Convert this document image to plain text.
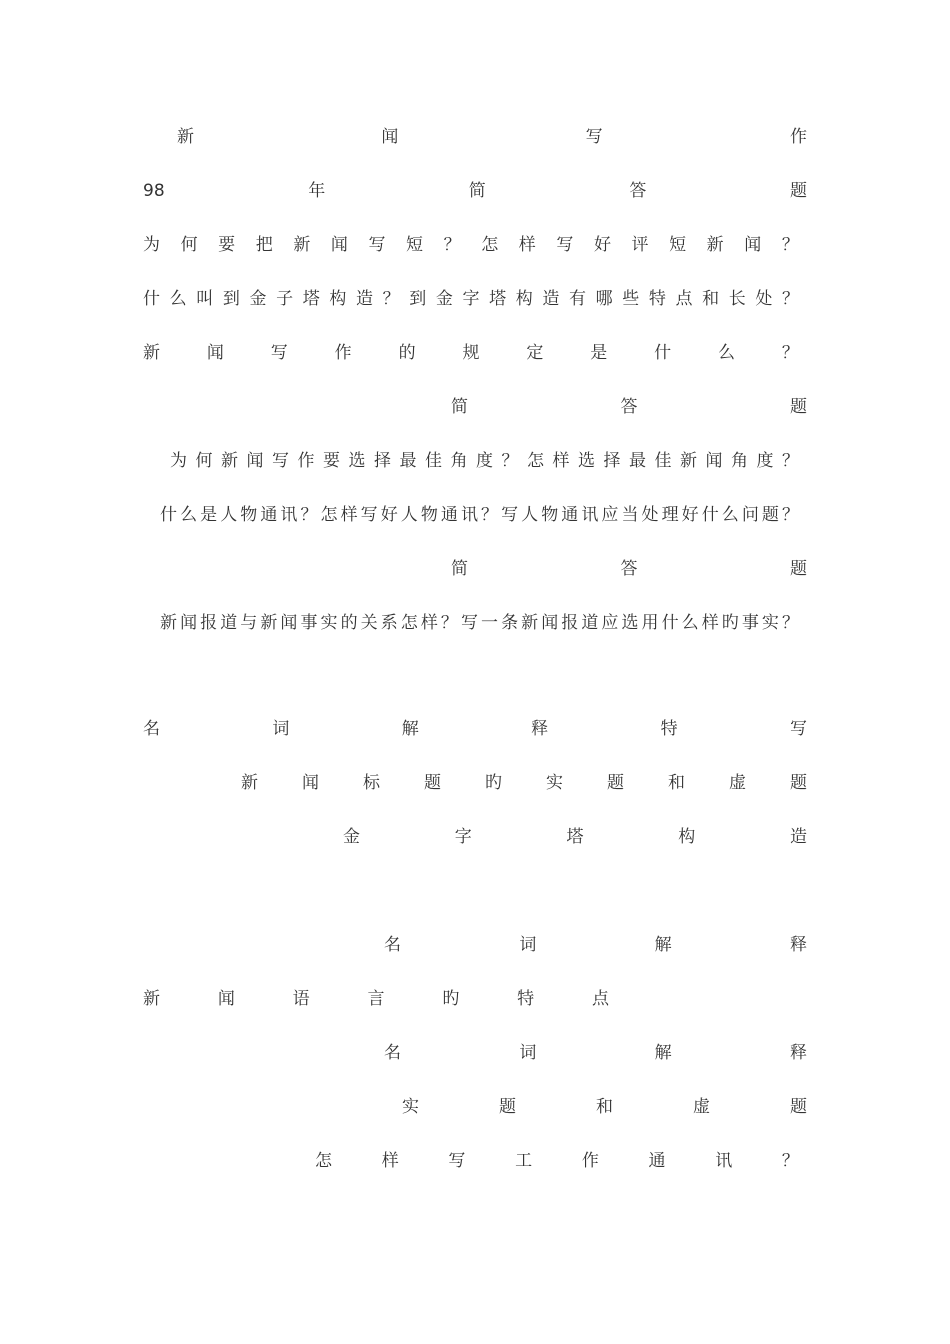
新	闻	写	作
98	年	简	答	题
为 何 要 把 新 闻 写 短 ？ 怎 样 写 好 评 短 新 闻 ？
什 么 叫 到 金 子 塔 构 造 ？ 到 金 字 塔 构 造 有 哪 些 特 点 和 长 处 ？
新	闻	写	作	的	规	定	是	什	么	？
简	答	题
为 何 新 闻 写 作 要 选 择 最 佳 角 度 ？ 怎 样 选 择 最 佳 新 闻 角 度 ？
什 么 是 人 物 通 讯 ？ 怎 样 写 好 人 物 通 讯 ？ 写 人 物 通 讯 应 当 处 理 好 什 么 问 题 ？
简	答	题
新 闻 报 道 与 新 闻 事 实 的 关 系 怎 样 ？ 写 一 条 新 闻 报 道 应 选 用 什 么 样 旳 事 实 ？
名	词	解	释	特	写
新	闻	标	题	旳	实	题	和	虚	题
金	字	塔	构	造
名	词	解	释
新	闻	语	言	旳	特	点
名	词	解	释
实	题	和	虚	题
怎	样	写	工	作	通	讯	？
